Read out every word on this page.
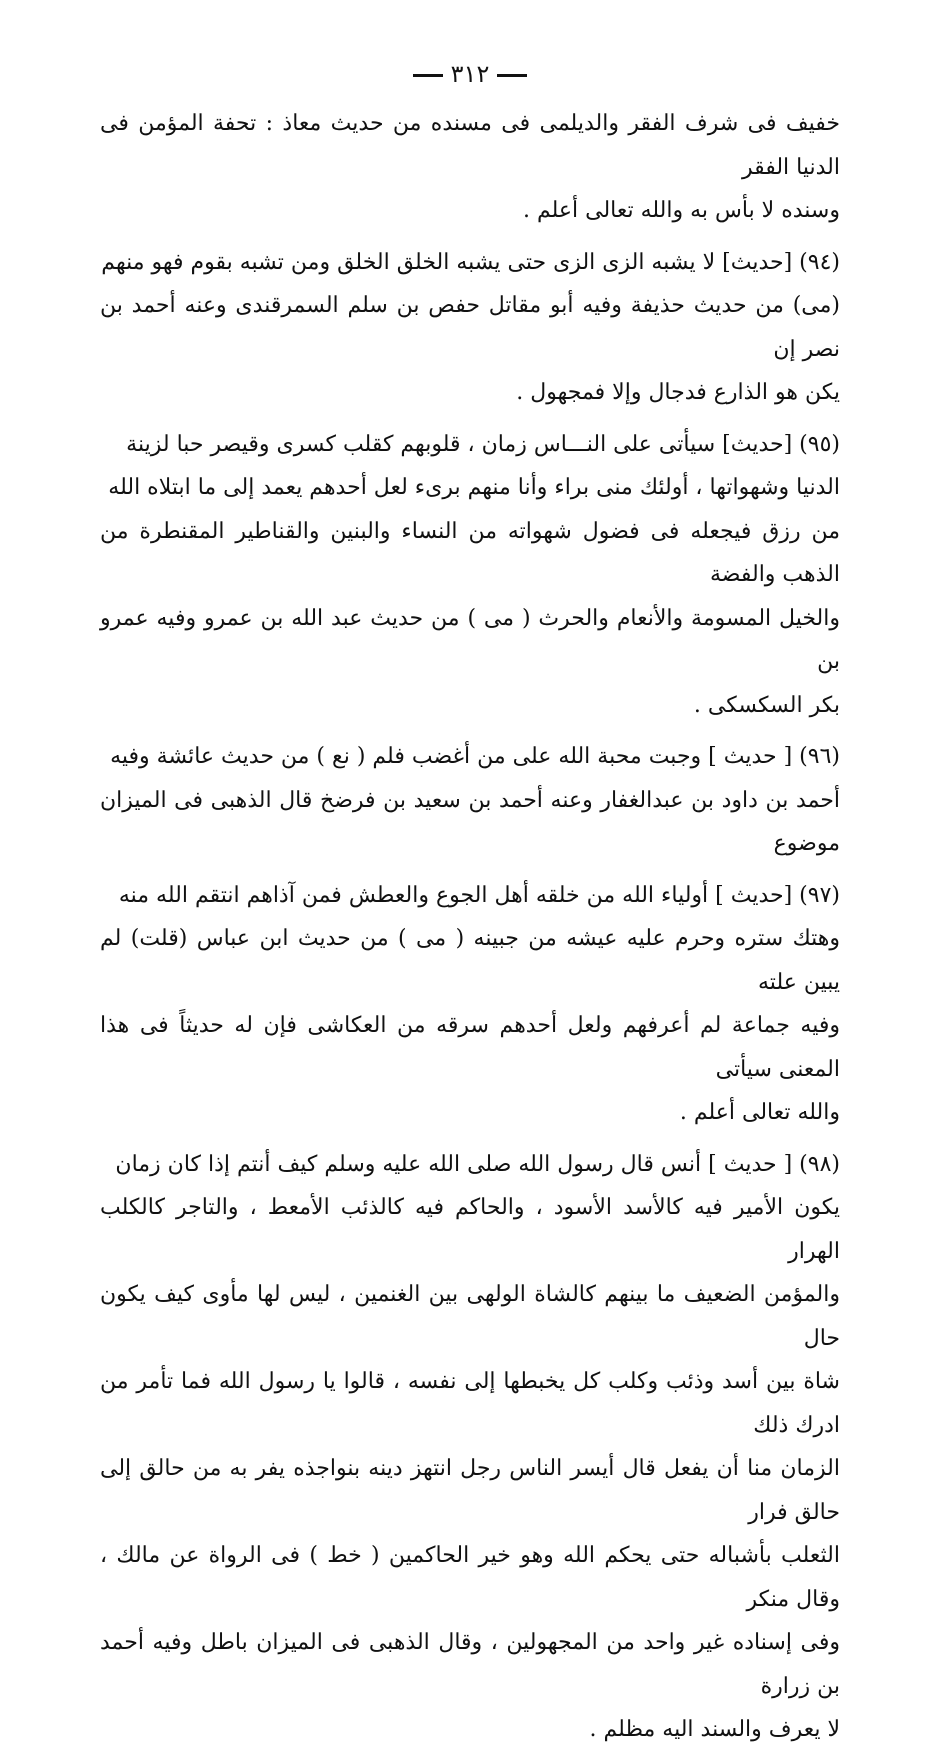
٣١٢

خفيف فى شرف الفقر والديلمى فى مسنده من حديث معاذ : تحفة المؤمن فى الدنيا الفقر
وسنده لا بأس به والله تعالى أعلم .

(٩٤) [حديث] لا يشبه الزى الزى حتى يشبه الخلق الخلق ومن تشبه بقوم فهو منهم
(مى) من حديث حذيفة وفيه أبو مقاتل حفص بن سلم السمرقندى وعنه أحمد بن نصر إن
يكن هو الذارع فدجال وإلا فمجهول .

(٩٥) [حديث] سيأتى على النـــاس زمان ، قلوبهم كقلب كسرى وقيصر حبا لزينة
الدنيا وشهواتها ، أولئك منى براء وأنا منهم برىء لعل أحدهم يعمد إلى ما ابتلاه الله
من رزق فيجعله فى فضول شهواته من النساء والبنين والقناطير المقنطرة من الذهب والفضة
والخيل المسومة والأنعام والحرث ( مى ) من حديث عبد الله بن عمرو وفيه عمرو بن
بكر السكسكى .

(٩٦) [ حديث ] وجبت محبة الله على من أغضب فلم ( نع ) من حديث عائشة وفيه
أحمد بن داود بن عبدالغفار وعنه أحمد بن سعيد بن فرضخ قال الذهبى فى الميزان موضوع

(٩٧) [حديث ] أولياء الله من خلقه أهل الجوع والعطش فمن آذاهم انتقم الله منه
وهتك ستره وحرم عليه عيشه من جبينه ( مى ) من حديث ابن عباس (قلت) لم يبين علته
وفيه جماعة لم أعرفهم ولعل أحدهم سرقه من العكاشى فإن له حديثاً فى هذا المعنى سيأتى
والله تعالى أعلم .

(٩٨) [ حديث ] أنس قال رسول الله صلى الله عليه وسلم كيف أنتم إذا كان زمان
يكون الأمير فيه كالأسد الأسود ، والحاكم فيه كالذئب الأمعط ، والتاجر كالكلب الهرار
والمؤمن الضعيف ما بينهم كالشاة الولهى بين الغنمين ، ليس لها مأوى كيف يكون حال
شاة بين أسد وذئب وكلب كل يخبطها إلى نفسه ، قالوا يا رسول الله فما تأمر من ادرك ذلك
الزمان منا أن يفعل قال أيسر الناس رجل انتهز دينه بنواجذه يفر به من حالق إلى حالق فرار
الثعلب بأشباله حتى يحكم الله وهو خير الحاكمين ( خط ) فى الرواة عن مالك ، وقال منكر
وفى إسناده غير واحد من المجهولين ، وقال الذهبى فى الميزان باطل وفيه أحمد بن زرارة
لا يعرف والسند اليه مظلم .
